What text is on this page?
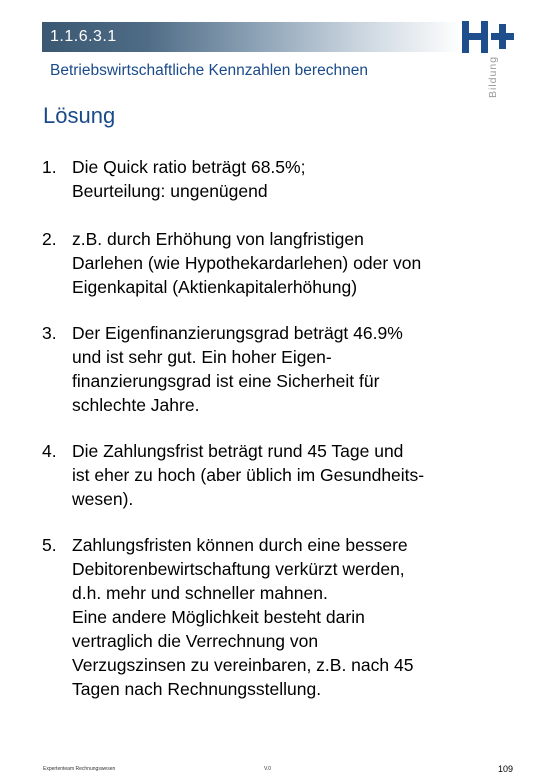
1.1.6.3.1
Betriebswirtschaftliche Kennzahlen berechnen	Bildung
Lösung
1. Die Quick ratio beträgt 68.5%;
Beurteilung: ungenügend
2. z.B. durch Erhöhung von langfristigen
Darlehen (wie Hypothekardarlehen) oder von
Eigenkapital (Aktienkapitalerhöhung)
3. Der Eigenfinanzierungsgrad beträgt 46.9%
und ist sehr gut. Ein hoher Eigen-
finanzierungsgrad ist eine Sicherheit für
schlechte Jahre.
4. Die Zahlungsfrist beträgt rund 45 Tage und
ist eher zu hoch (aber üblich im Gesundheits-
wesen).
5. Zahlungsfristen können durch eine bessere
Debitorenbewirtschaftung verkürzt werden,
d.h. mehr und schneller mahnen.
Eine andere Möglichkeit besteht darin
vertraglich die Verrechnung von
Verzugszinsen zu vereinbaren, z.B. nach 45
Tagen nach Rechnungsstellung.
Expertenteam Rechnungswesen	V.0	109
